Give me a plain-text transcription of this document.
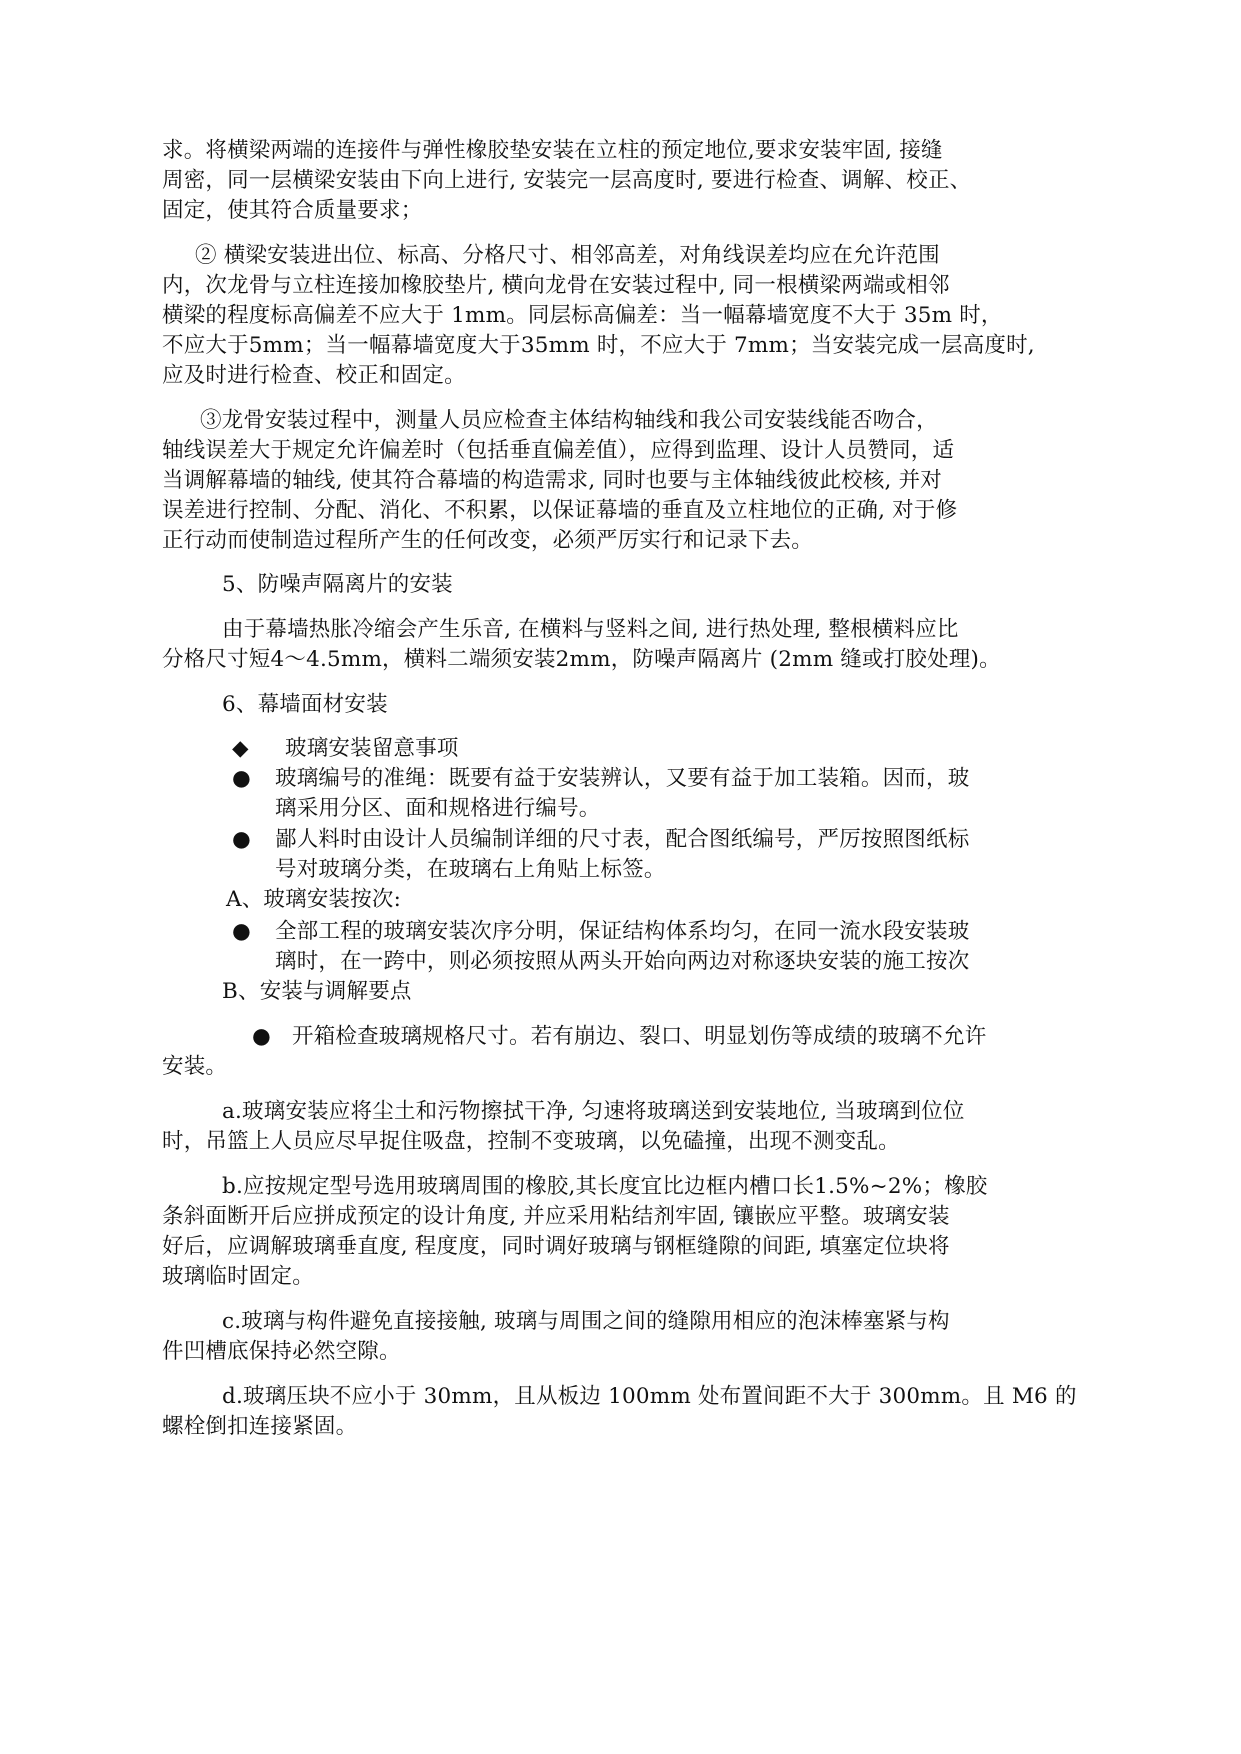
求。将横梁两端的连接件与弹性橡胶垫安装在立柱的预定地位,要求安装牢固, 接缝
周密，同一层横梁安装由下向上进行, 安装完一层高度时, 要进行检查、调解、校正、
固定，使其符合质量要求；
② 横梁安装进出位、标高、分格尺寸、相邻高差，对角线误差均应在允许范围
内，次龙骨与立柱连接加橡胶垫片, 横向龙骨在安装过程中, 同一根横梁两端或相邻
横梁的程度标高偏差不应大于 1mm。同层标高偏差：当一幅幕墙宽度不大于 35m 时，
不应大于5mm；当一幅幕墙宽度大于35mm 时，不应大于 7mm；当安装完成一层高度时,
应及时进行检查、校正和固定。
③龙骨安装过程中，测量人员应检查主体结构轴线和我公司安装线能否吻合，
轴线误差大于规定允许偏差时（包括垂直偏差值），应得到监理、设计人员赞同，适
当调解幕墙的轴线, 使其符合幕墙的构造需求, 同时也要与主体轴线彼此校核, 并对
误差进行控制、分配、消化、不积累，以保证幕墙的垂直及立柱地位的正确, 对于修
正行动而使制造过程所产生的任何改变，必须严厉实行和记录下去。
5、防噪声隔离片的安装
由于幕墙热胀冷缩会产生乐音, 在横料与竖料之间, 进行热处理, 整根横料应比
分格尺寸短4～4.5mm，横料二端须安装2mm，防噪声隔离片 (2mm 缝或打胶处理)。
6、幕墙面材安装
◆ 玻璃安装留意事项
● 玻璃编号的准绳：既要有益于安装辨认，又要有益于加工装箱。因而，玻
璃采用分区、面和规格进行编号。
● 鄙人料时由设计人员编制详细的尺寸表，配合图纸编号，严厉按照图纸标
号对玻璃分类，在玻璃右上角贴上标签。
A、玻璃安装按次:
● 全部工程的玻璃安装次序分明，保证结构体系均匀，在同一流水段安装玻
璃时，在一跨中，则必须按照从两头开始向两边对称逐块安装的施工按次
B、安装与调解要点
● 开箱检查玻璃规格尺寸。若有崩边、裂口、明显划伤等成绩的玻璃不允许
安装。
a.玻璃安装应将尘土和污物擦拭干净, 匀速将玻璃送到安装地位, 当玻璃到位位
时，吊篮上人员应尽早捉住吸盘，控制不变玻璃，以免磕撞，出现不测变乱。
b.应按规定型号选用玻璃周围的橡胶,其长度宜比边框内槽口长1.5%~2%；橡胶
条斜面断开后应拼成预定的设计角度, 并应采用粘结剂牢固, 镶嵌应平整。玻璃安装
好后，应调解玻璃垂直度, 程度度，同时调好玻璃与钢框缝隙的间距, 填塞定位块将
玻璃临时固定。
c.玻璃与构件避免直接接触, 玻璃与周围之间的缝隙用相应的泡沫棒塞紧与构
件凹槽底保持必然空隙。
d.玻璃压块不应小于 30mm，且从板边 100mm 处布置间距不大于 300mm。且 M6 的
螺栓倒扣连接紧固。
